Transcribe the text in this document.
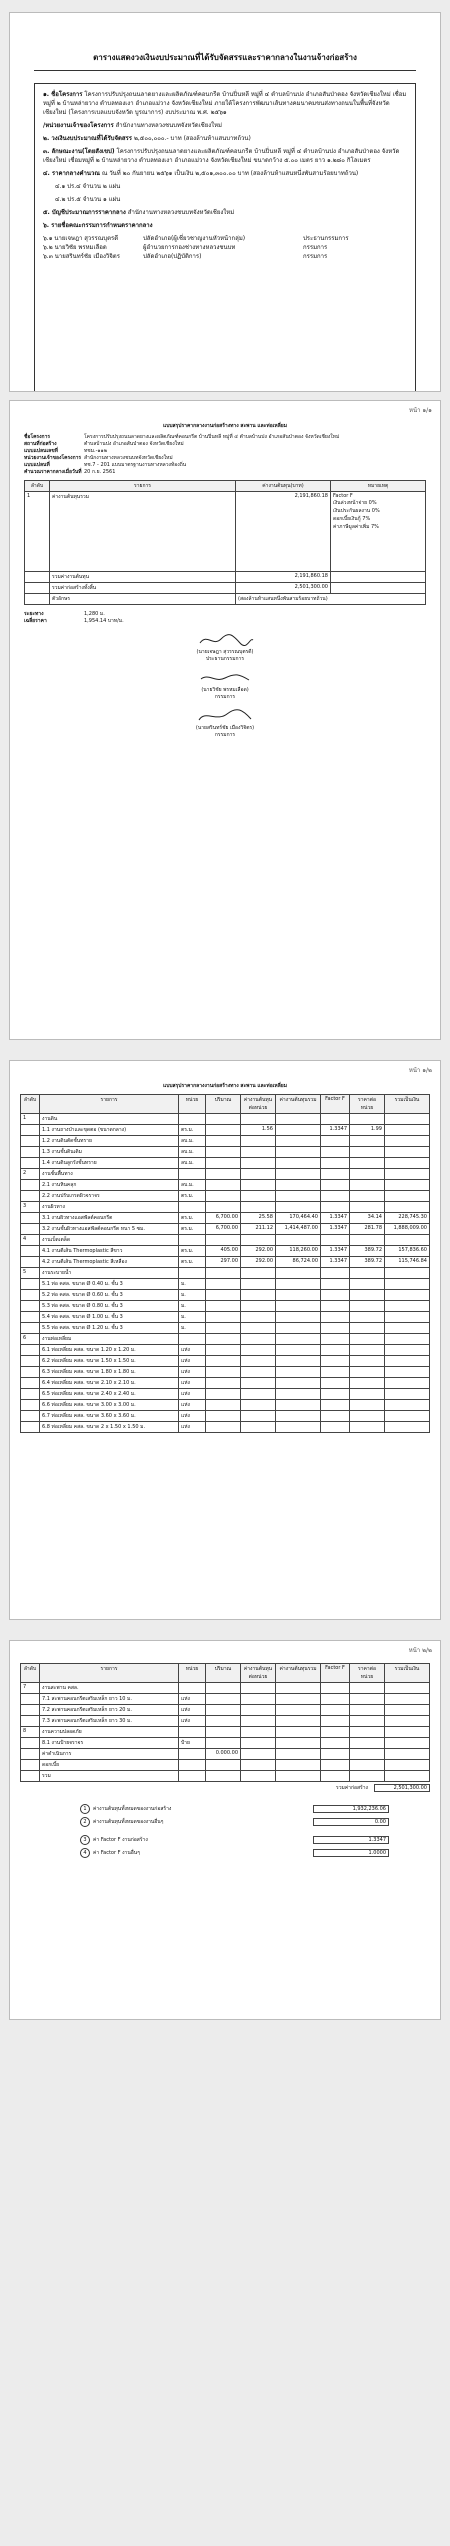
ตารางแสดงวงเงินงบประมาณที่ได้รับจัดสรรและราคากลางในงานจ้างก่อสร้าง
๑. ชื่อโครงการ โครงการปรับปรุงถนนลาดยางและผลิตภัณฑ์คอนกรีต บ้านปิ่นหลี หมู่ที่ ๔ ตำบลบ้านปง อำเภอสันป่าตอง จังหวัดเชียงใหม่ เชื่อมหมู่ที่ ๒ บ้านหล่ายวาง ตำบลทองเงา อำเภอแม่วาง จังหวัดเชียงใหม่ ภายใต้โครงการพัฒนาเส้นทางคมนาคมขนส่งทางถนนในพื้นที่จังหวัดเชียงใหม่ (โครงการเบลแบบจังหวัด บูรณาการ) งบประมาณ พ.ศ. ๒๕๖๑
/หน่วยงานเจ้าของโครงการ สำนักงานทางหลวงชนบทจังหวัดเชียงใหม่
๒. วงเงินงบประมาณที่ได้รับจัดสรร ๒,๕๐๐,๐๐๐.- บาท (สองล้านห้าแสนบาทถ้วน)
๓. ลักษณะงาน(โดยสังเขป) โครงการปรับปรุงถนนลาดยางและผลิตภัณฑ์คอนกรีต บ้านปิ่นหลี หมู่ที่ ๔ ตำบลบ้านปง อำเภอสันป่าตอง จังหวัดเชียงใหม่ เชื่อมหมู่ที่ ๒ บ้านหล่ายวาง ตำบลทองเงา อำเภอแม่วาง จังหวัดเชียงใหม่ ขนาดกว้าง ๕.๐๐ เมตร ยาว ๑.๒๘๐ กิโลเมตร
๔. ราคากลางคำนวณ ณ วันที่ ๒๐ กันยายน ๒๕๖๑ เป็นเงิน ๒,๕๐๑,๓๐๐.๐๐ บาท (สองล้านห้าแสนหนึ่งพันสามร้อยบาทถ้วน)
๔.๑ ปร.๔ จำนวน ๒ แผ่น
๔.๒ ปร.๕ จำนวน ๑ แผ่น
๕. บัญชีประมาณการราคากลาง สำนักงานทางหลวงชนบทจังหวัดเชียงใหม่
๖. รายชื่อคณะกรรมการกำหนดราคากลาง
๖.๑ นายเจษฎา สุวรรณบุตรดี	ปลัดอำเภอ(ผู้เชี่ยวชาญงานหัวหน้ากลุ่ม)	ประธานกรรมการ
๖.๒ นายวิชัย พรหมเลือด	ผู้อำนวยการกองช่างทางหลวงชนบท	กรรมการ
๖.๓ นายสรินทร์ชัย เมืองวิจิตร	ปลัดอำเภอ(ปฏิบัติการ)	กรรมการ
หน้า ๑/๑
แบบสรุปราคากลางงานก่อสร้างทาง สะพาน และท่อเหลี่ยม
ชื่อโครงการ	โครงการปรับปรุงถนนลาดยางและผลิตภัณฑ์คอนกรีต บ้านปิ่นหลี หมู่ที่ ๔ ตำบลบ้านปง อำเภอสันป่าตอง จังหวัดเชียงใหม่
สถานที่ก่อสร้าง	ตำบลบ้านปง อำเภอสันป่าตอง จังหวัดเชียงใหม่
แบบแปลนเลขที่	ทชม.-๑๑๒
หน่วยงานเจ้าของโครงการ สำนักงานทางหลวงชนบทจังหวัดเชียงใหม่
แบบแปลนที่	ทช.7 - 201 แบบมาตรฐานงานทางหลวงท้องถิ่น
คำนวณราคากลางเมื่อวันที่ 20 ก.ย. 2561
ลำดับ	รายการ	ค่างานต้นทุน(บาท)	หมายเหตุ
1	ค่างานต้นทุนรวม	2,191,860.18	Factor F
เงินล่วงหน้าจ่าย 0%
เงินประกันผลงาน 0%
ดอกเบี้ยเงินกู้ 7%
ค่าภาษีมูลค่าเพิ่ม 7%

	รวมค่างานต้นทุน	2,191,860.18	
	รวมค่าก่อสร้างทั้งสิ้น	2,501,300.00	
	ตัวอักษร	(สองล้านห้าแสนหนึ่งพันสามร้อยบาทถ้วน)	
ระยะทาง	1,280 ม.
เฉลี่ยราคา	1,954.14 บาท/ม.
(นายเจษฎา สุวรรณบุตรดี)
ประธานกรรมการ
(นายวิชัย พรหมเลือด)
กรรมการ
(นายสรินทร์ชัย เมืองวิจิตร)
กรรมการ
หน้า ๑/๒
แบบสรุปราคากลางงานก่อสร้างทาง สะพาน และท่อเหลี่ยม
ลำดับ	รายการ	หน่วย	ปริมาณ	ค่างานต้นทุนต่อหน่วย	ค่างานต้นทุนรวม	Factor F	ราคาต่อหน่วย	รวมเป็นเงิน
1	งานดิน							
	1.1 งานถางป่าและขุดตอ (ขนาดกลาง)	ตร.ม.		1.56		1.3347	1.99	
	1.2 งานดินตัดชั้นทราย	ลบ.ม.						
	1.3 งานชั้นดินเดิม	ลบ.ม.						
	1.4 งานดินลูกรังชั้นทราย	ลบ.ม.						
2	งานชั้นพื้นทาง							
	2.1 งานหินคลุก	ลบ.ม.						
	2.2 งานปรับเกรดผิวจราจร	ตร.ม.						
3	งานผิวทาง							
	3.1 งานผิวทางแอสฟัลต์คอนกรีต	ตร.ม.	6,700.00	25.58	170,464.40	1.3347	34.14	228,745.30
	3.2 งานชั้นผิวทางแอสฟัลต์คอนกรีต หนา 5 ซม.	ตร.ม.	6,700.00	211.12	1,414,487.00	1.3347	281.78	1,888,009.00
4	งานเบ็ดเตล็ด							
	4.1 งานตีเส้น Thermoplastic สีขาว	ตร.ม.	405.00	292.00	118,260.00	1.3347	389.72	157,836.60
	4.2 งานตีเส้น Thermoplastic สีเหลือง	ตร.ม.	297.00	292.00	86,724.00	1.3347	389.72	115,746.84
5	งานระบายน้ำ							
	5.1 ท่อ คสล. ขนาด Ø 0.40 ม. ชั้น 3	ม.						
	5.2 ท่อ คสล. ขนาด Ø 0.60 ม. ชั้น 3	ม.						
	5.3 ท่อ คสล. ขนาด Ø 0.80 ม. ชั้น 3	ม.						
	5.4 ท่อ คสล. ขนาด Ø 1.00 ม. ชั้น 3	ม.						
	5.5 ท่อ คสล. ขนาด Ø 1.20 ม. ชั้น 3	ม.						
6	งานท่อเหลี่ยม							
	6.1 ท่อเหลี่ยม คสล. ขนาด 1.20 x 1.20 ม.	แห่ง						
	6.2 ท่อเหลี่ยม คสล. ขนาด 1.50 x 1.50 ม.	แห่ง						
	6.3 ท่อเหลี่ยม คสล. ขนาด 1.80 x 1.80 ม.	แห่ง						
	6.4 ท่อเหลี่ยม คสล. ขนาด 2.10 x 2.10 ม.	แห่ง						
	6.5 ท่อเหลี่ยม คสล. ขนาด 2.40 x 2.40 ม.	แห่ง						
	6.6 ท่อเหลี่ยม คสล. ขนาด 3.00 x 3.00 ม.	แห่ง						
	6.7 ท่อเหลี่ยม คสล. ขนาด 3.60 x 3.60 ม.	แห่ง						
	6.8 ท่อเหลี่ยม คสล. ขนาด 2 x 1.50 x 1.50 ม.	แห่ง						
หน้า ๒/๒
ลำดับ	รายการ	หน่วย	ปริมาณ	ค่างานต้นทุนต่อหน่วย	ค่างานต้นทุนรวม	Factor F	ราคาต่อหน่วย	รวมเป็นเงิน
7	งานสะพาน คสล.							
	7.1 สะพานคอนกรีตเสริมเหล็ก ยาว 10 ม.	แห่ง						
	7.2 สะพานคอนกรีตเสริมเหล็ก ยาว 20 ม.	แห่ง						
	7.3 สะพานคอนกรีตเสริมเหล็ก ยาว 30 ม.	แห่ง						
8	งานความปลอดภัย							
	8.1 งานป้ายจราจร	ป้าย						
	ค่าดำเนินการ		0.000.00					
	ดอกเบี้ย							
	รวม							
รวมค่าก่อสร้าง	2,501,300.00
1	ค่างานต้นทุนทั้งหมดของงานก่อสร้าง	1,932,236.06
2	ค่างานต้นทุนทั้งหมดของงานอื่นๆ	0.00
3	ค่า Factor F งานก่อสร้าง	1.3347
4	ค่า Factor F งานอื่นๆ	1.0000
